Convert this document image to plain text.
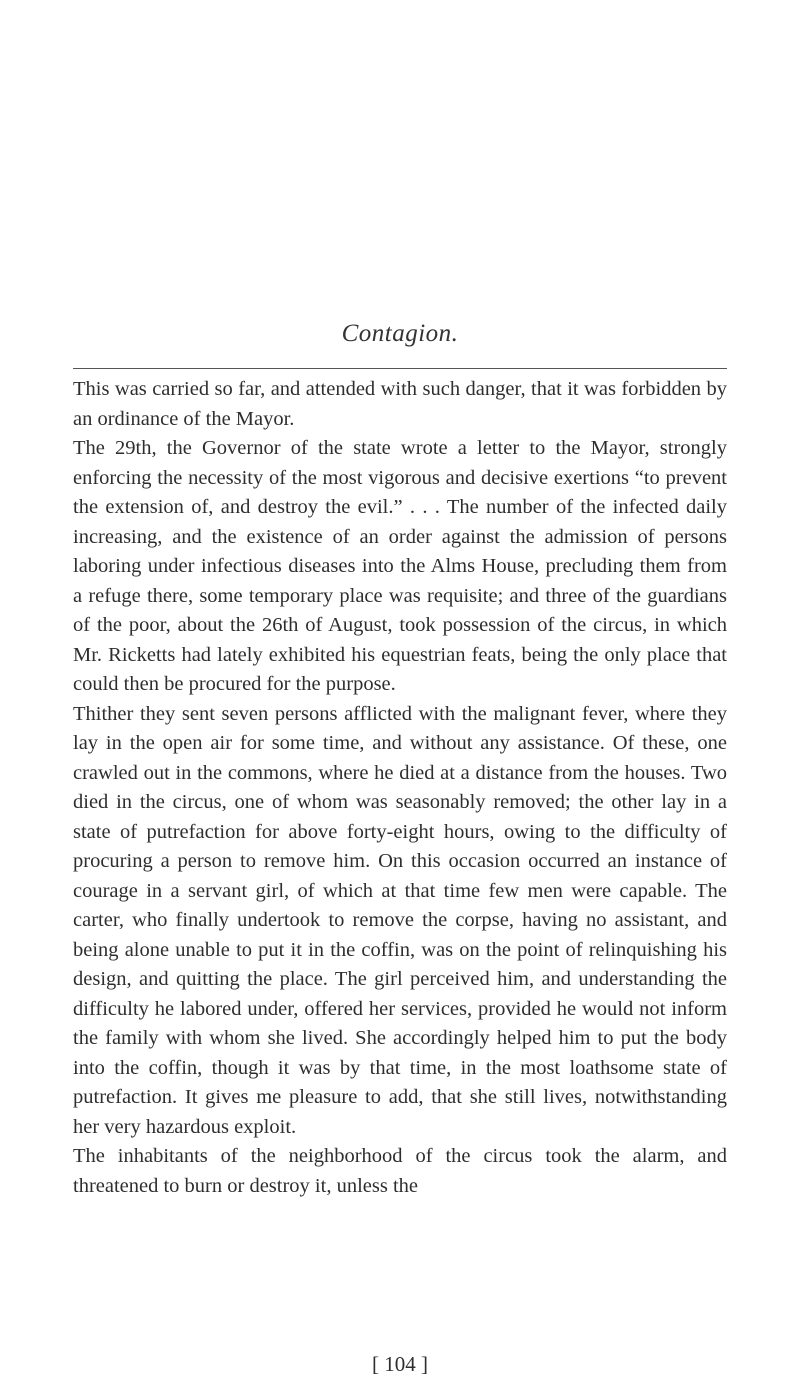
Contagion.

This was carried so far, and attended with such danger, that it was forbidden by an ordinance of the Mayor.

The 29th, the Governor of the state wrote a letter to the Mayor, strongly enforcing the necessity of the most vigorous and decisive exertions “to prevent the extension of, and destroy the evil.” . . . The number of the infected daily increasing, and the existence of an order against the admission of persons laboring under infectious diseases into the Alms House, precluding them from a refuge there, some temporary place was requisite; and three of the guardians of the poor, about the 26th of August, took possession of the circus, in which Mr. Ricketts had lately exhibited his equestrian feats, being the only place that could then be procured for the purpose.

Thither they sent seven persons afflicted with the malignant fever, where they lay in the open air for some time, and without any assistance. Of these, one crawled out in the commons, where he died at a distance from the houses. Two died in the circus, one of whom was seasonably removed; the other lay in a state of putrefaction for above forty-eight hours, owing to the difficulty of procuring a person to remove him. On this occasion occurred an instance of courage in a servant girl, of which at that time few men were capable. The carter, who finally undertook to remove the corpse, having no assistant, and being alone unable to put it in the coffin, was on the point of relinquishing his design, and quitting the place. The girl perceived him, and understanding the difficulty he labored under, offered her services, provided he would not inform the family with whom she lived. She accordingly helped him to put the body into the coffin, though it was by that time, in the most loathsome state of putrefaction. It gives me pleasure to add, that she still lives, notwithstanding her very hazardous exploit.

The inhabitants of the neighborhood of the circus took the alarm, and threatened to burn or destroy it, unless the

[ 104 ]
